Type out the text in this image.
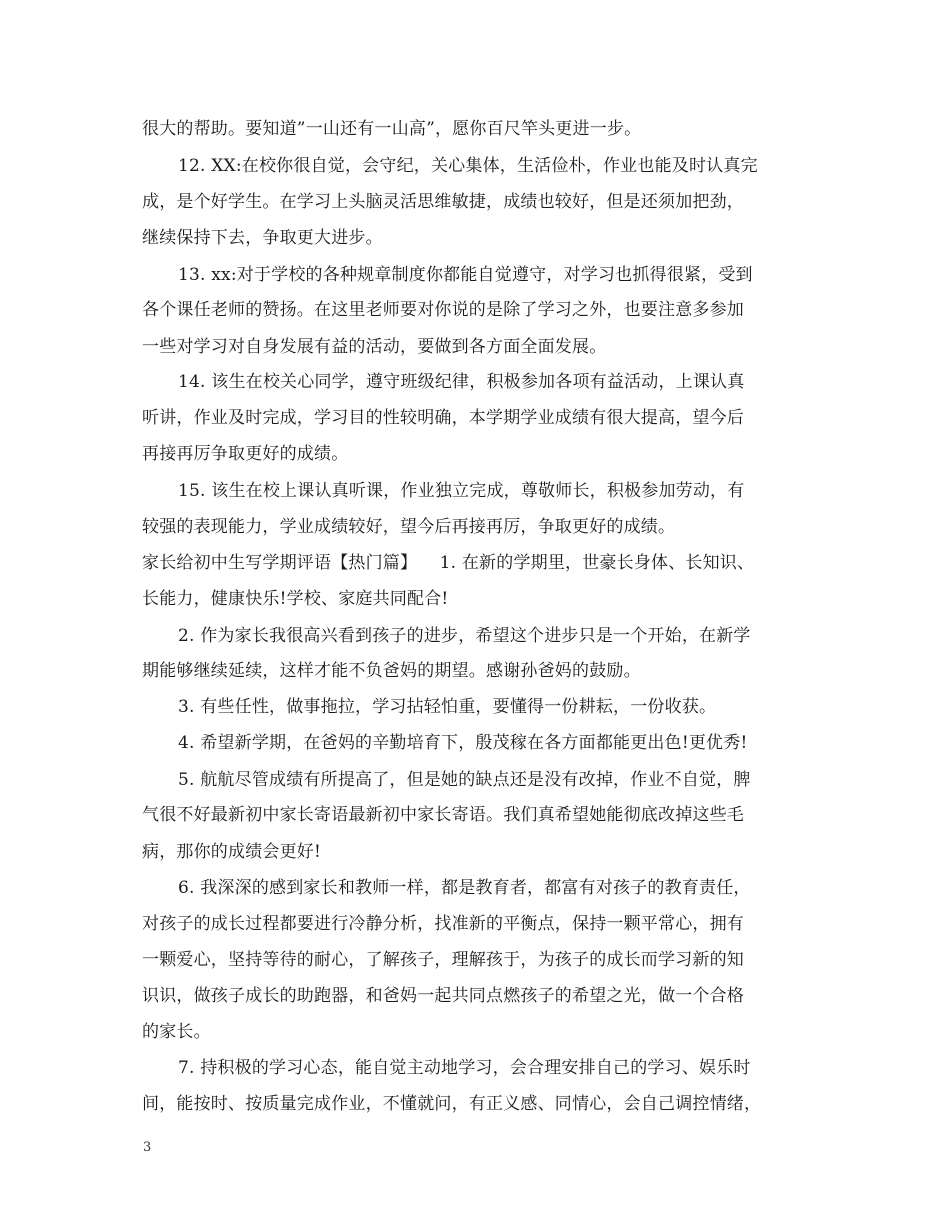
很大的帮助。要知道”一山还有一山高”，愿你百尺竿头更进一步。
12. XX:在校你很自觉，会守纪，关心集体，生活俭朴，作业也能及时认真完
成，是个好学生。在学习上头脑灵活思维敏捷，成绩也较好，但是还须加把劲，
继续保持下去，争取更大进步。
13. xx:对于学校的各种规章制度你都能自觉遵守，对学习也抓得很紧，受到
各个课任老师的赞扬。在这里老师要对你说的是除了学习之外，也要注意多参加
一些对学习对自身发展有益的活动，要做到各方面全面发展。
14. 该生在校关心同学，遵守班级纪律，积极参加各项有益活动，上课认真
听讲，作业及时完成，学习目的性较明确，本学期学业成绩有很大提高，望今后
再接再厉争取更好的成绩。
15. 该生在校上课认真听课，作业独立完成，尊敬师长，积极参加劳动，有
较强的表现能力，学业成绩较好，望今后再接再厉，争取更好的成绩。
家长给初中生写学期评语【热门篇】    1. 在新的学期里，世豪长身体、长知识、
长能力，健康快乐!学校、家庭共同配合!
2. 作为家长我很高兴看到孩子的进步，希望这个进步只是一个开始，在新学
期能够继续延续，这样才能不负爸妈的期望。感谢孙爸妈的鼓励。
3. 有些任性，做事拖拉，学习拈轻怕重，要懂得一份耕耘，一份收获。
4. 希望新学期，在爸妈的辛勤培育下，殷茂稼在各方面都能更出色!更优秀!
5. 航航尽管成绩有所提高了，但是她的缺点还是没有改掉，作业不自觉，脾
气很不好最新初中家长寄语最新初中家长寄语。我们真希望她能彻底改掉这些毛
病，那你的成绩会更好!
6. 我深深的感到家长和教师一样，都是教育者，都富有对孩子的教育责任，
对孩子的成长过程都要进行冷静分析，找准新的平衡点，保持一颗平常心，拥有
一颗爱心，坚持等待的耐心，了解孩子，理解孩于，为孩子的成长而学习新的知
识识，做孩子成长的助跑器，和爸妈一起共同点燃孩子的希望之光，做一个合格
的家长。
7. 持积极的学习心态，能自觉主动地学习，会合理安排自己的学习、娱乐时
间，能按时、按质量完成作业，不懂就问，有正义感、同情心，会自己调控情绪，
3
